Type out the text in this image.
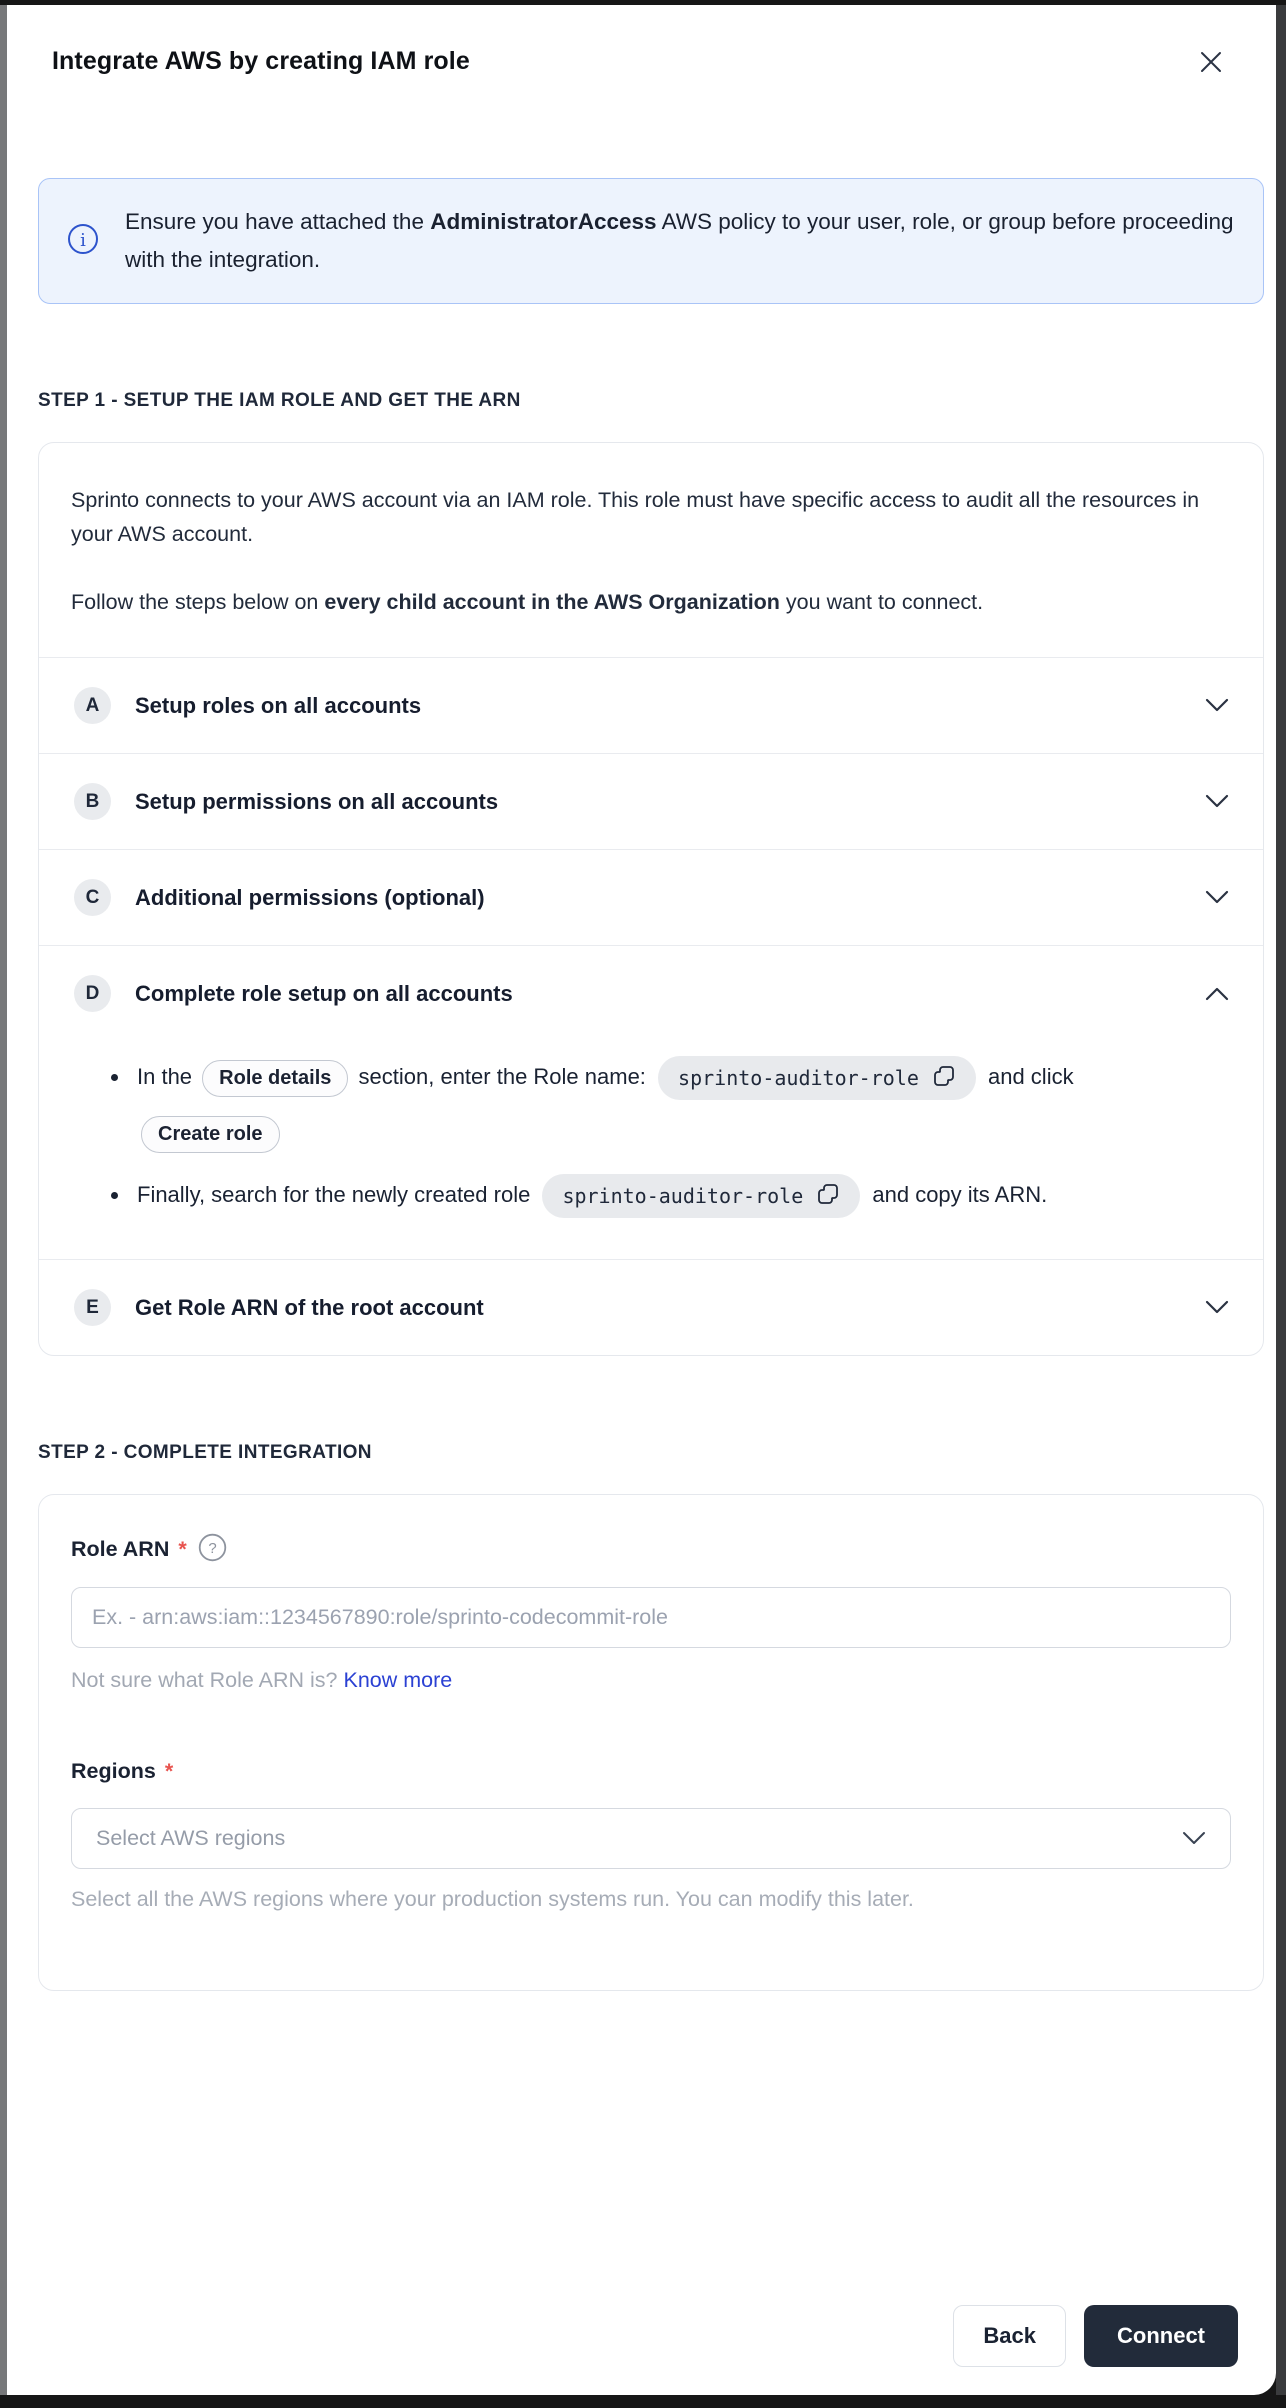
Integrate AWS by creating IAM role
i
Ensure you have attached the AdministratorAccess AWS policy to your user, role, or group before proceeding with the integration.
STEP 1 - SETUP THE IAM ROLE AND GET THE ARN

Sprinto connects to your AWS account via an IAM role. This role must have specific access to audit all the resources in your AWS account.

Follow the steps below on every child account in the AWS Organization you want to connect.

A	Setup roles on all accounts
B	Setup permissions on all accounts
C	Additional permissions (optional)
D	Complete role setup on all accounts
• In the Role details section, enter the Role name: sprinto-auditor-role	and click Create role
• Finally, search for the newly created role sprinto-auditor-role	and copy its ARN.
E	Get Role ARN of the root account
STEP 2 - COMPLETE INTEGRATION
Role ARN * ?
Ex. - arn:aws:iam::1234567890:role/sprinto-codecommit-role
Not sure what Role ARN is? Know more
Regions *
Select AWS regions
Select all the AWS regions where your production systems run. You can modify this later.
Back	Connect
